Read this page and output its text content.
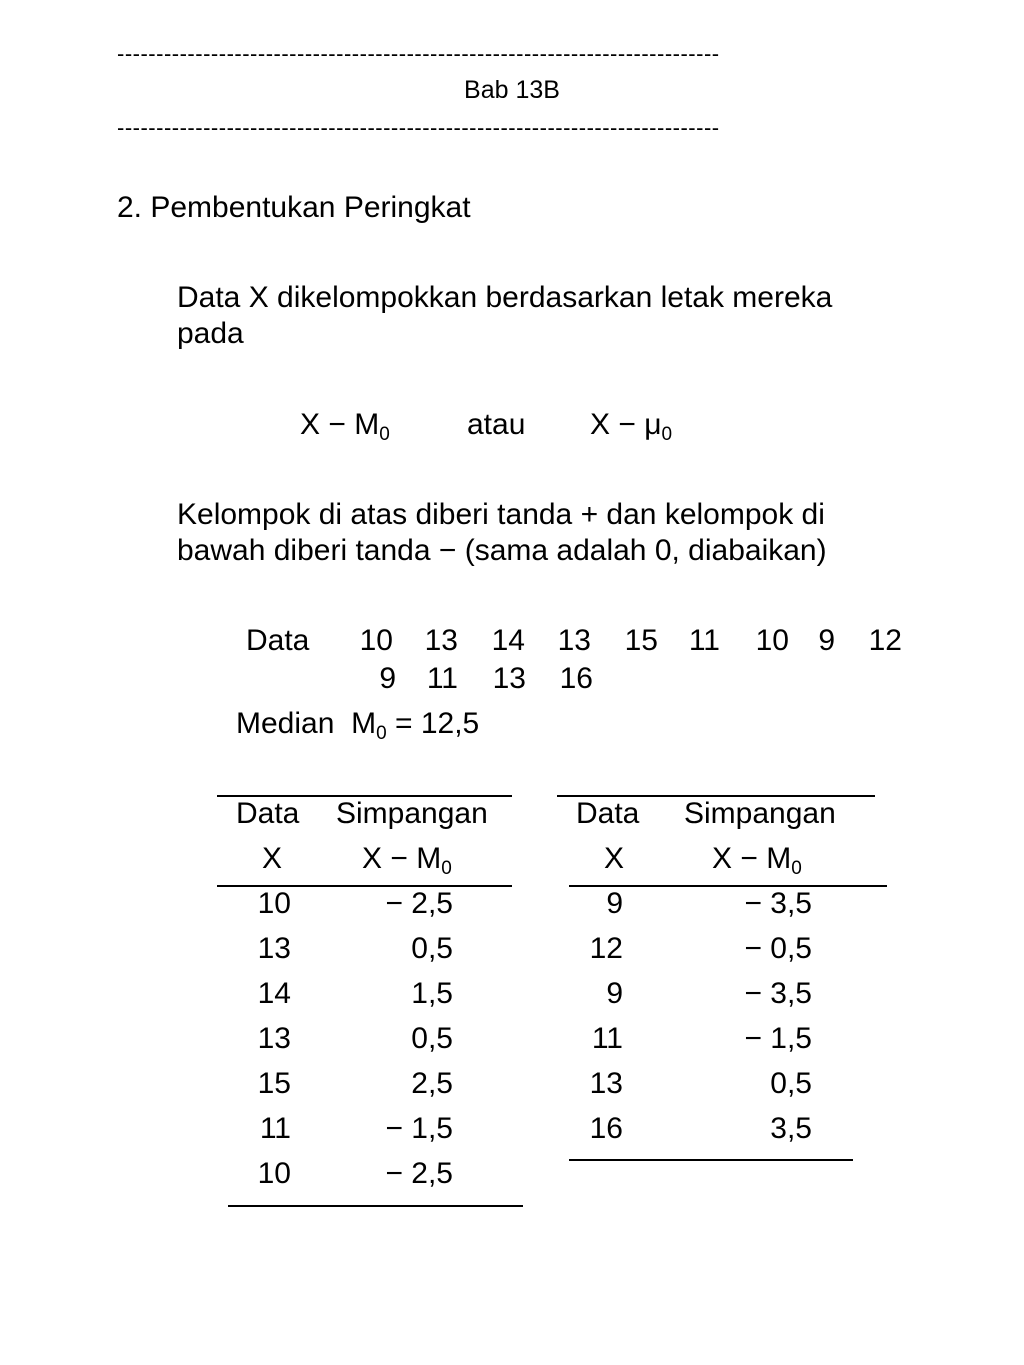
-----------------------------------------------------------------------------
Bab 13B
-----------------------------------------------------------------------------
2. Pembentukan Peringkat
Data X dikelompokkan berdasarkan letak mereka
pada
$X - M_0$	atau $X - \mu_0$
Kelompok di atas diberi tanda + dan kelompok di
bawah diberi tanda − (sama adalah 0, diabaikan)
Data 10 13 14 13 15 11 10 9 12
9 11 13 16
Median $M_0 = 12,5$
Data Simpangan
X	$X - M_0$
10	− 2,5
13	0,5
14	1,5
13	0,5
15	2,5
11	− 1,5
10	− 2,5
Data Simpangan
X	$X - M_0$
9	− 3,5
12	− 0,5
9	− 3,5
11	− 1,5
13	0,5
16	3,5
